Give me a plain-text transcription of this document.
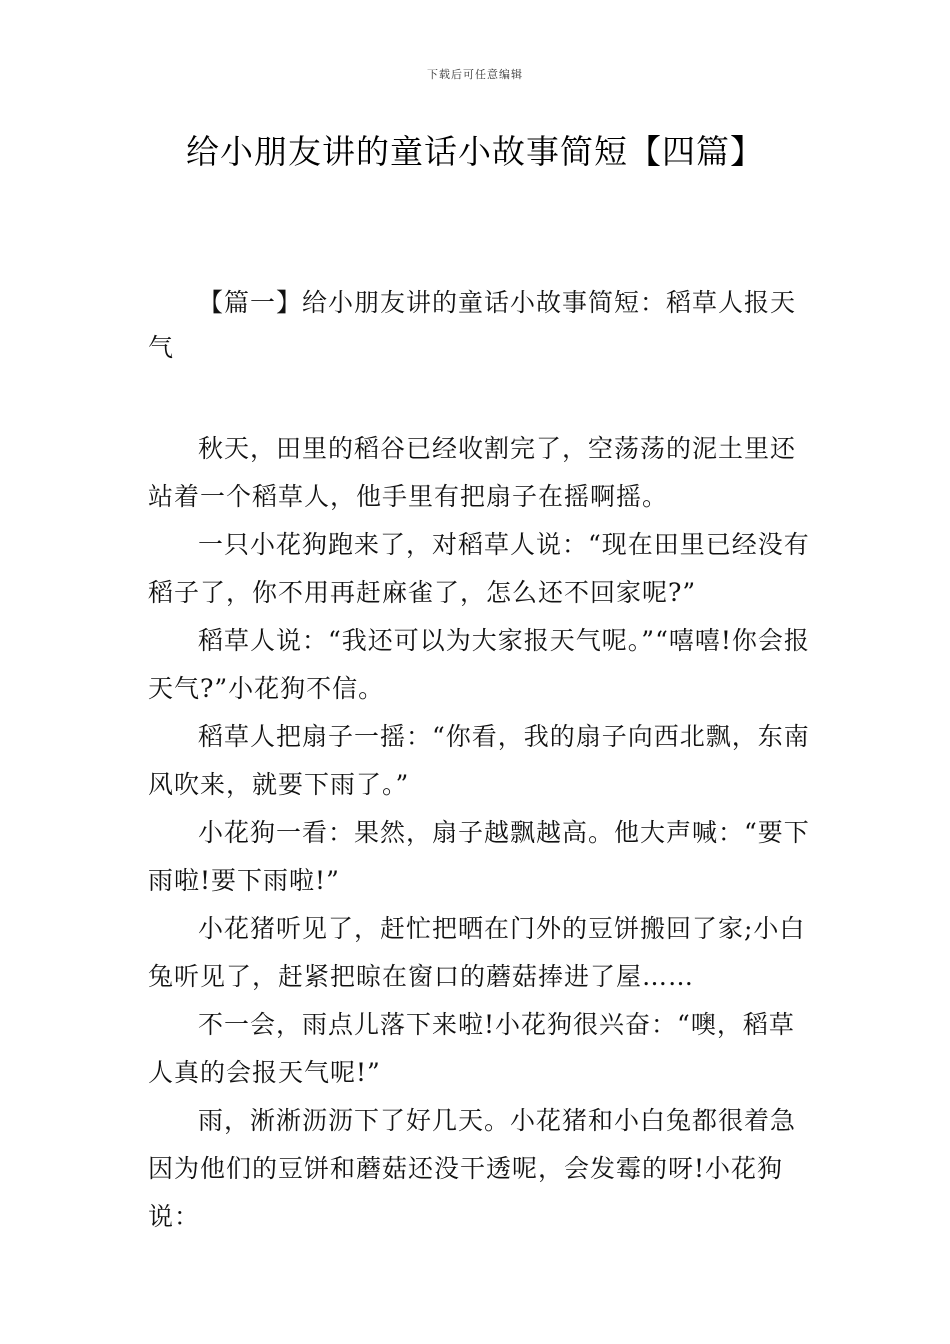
下载后可任意编辑
给小朋友讲的童话小故事简短【四篇】

【篇一】给小朋友讲的童话小故事简短：稻草人报天气

秋天，田里的稻谷已经收割完了，空荡荡的泥土里还站着一个稻草人，他手里有把扇子在摇啊摇。

一只小花狗跑来了，对稻草人说：“现在田里已经没有稻子了，你不用再赶麻雀了，怎么还不回家呢?”

稻草人说：“我还可以为大家报天气呢。”“嘻嘻!你会报天气?”小花狗不信。

稻草人把扇子一摇：“你看，我的扇子向西北飘，东南风吹来，就要下雨了。”

小花狗一看：果然，扇子越飘越高。他大声喊：“要下雨啦!要下雨啦!”

小花猪听见了，赶忙把晒在门外的豆饼搬回了家;小白兔听见了，赶紧把晾在窗口的蘑菇捧进了屋……

不一会，雨点儿落下来啦!小花狗很兴奋：“噢，稻草人真的会报天气呢!”

雨，淅淅沥沥下了好几天。小花猪和小白兔都很着急因为他们的豆饼和蘑菇还没干透呢，会发霉的呀!小花狗说：
